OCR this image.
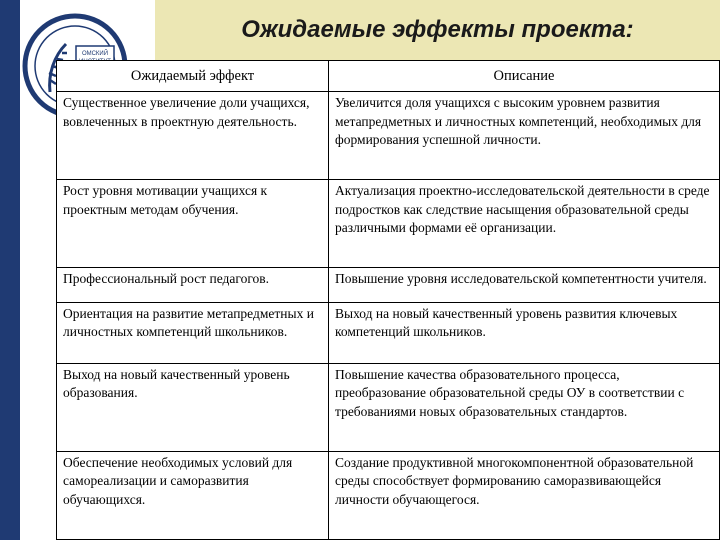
Ожидаемые эффекты проекта:
ОМСКИЙ
Ожидаемый эффект	Описание
Существенное увеличение доли учащихся, вовлеченных в проектную деятельность.	Увеличится доля учащихся с высоким уровнем развития метапредметных и личностных компетенций, необходимых для формирования успешной личности.
Рост уровня мотивации учащихся к проектным методам обучения.	Актуализация проектно-исследовательской деятельности в среде подростков как следствие насыщения образовательной среды различными формами её организации.
Профессиональный рост педагогов.	Повышение уровня исследовательской компетентности учителя.
Ориентация на развитие метапредметных и личностных компетенций школьников.	Выход на новый качественный уровень развития ключевых компетенций школьников.
Выход на новый качественный уровень образования.	Повышение качества образовательного процесса, преобразование образовательной среды ОУ в соответствии с требованиями новых образовательных стандартов.
Обеспечение необходимых условий для самореализации и саморазвития обучающихся.	Создание продуктивной многокомпонентной образовательной среды способствует формированию саморазвивающейся личности обучающегося.
